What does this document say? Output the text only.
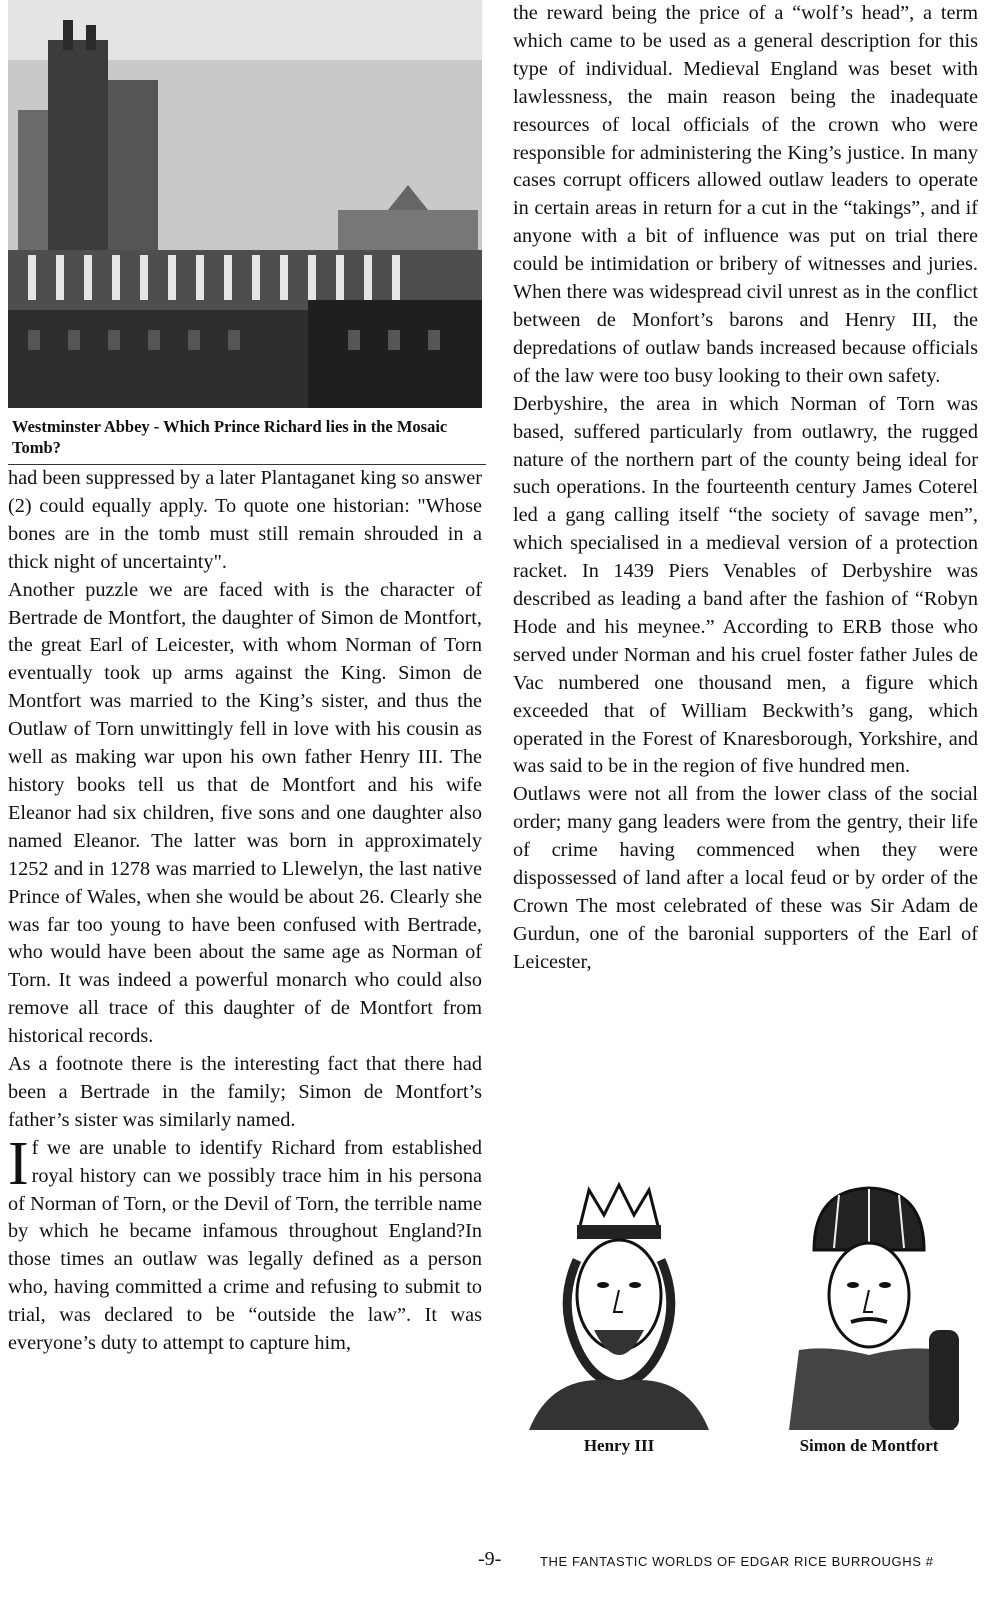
Westminster Abbey - Which Prince Richard lies in the Mosaic Tomb?

had been suppressed by a later Plantaganet king so answer (2) could equally apply. To quote one historian: "Whose bones are in the tomb must still remain shrouded in a thick night of uncertainty".

Another puzzle we are faced with is the character of Bertrade de Montfort, the daughter of Simon de Montfort, the great Earl of Leicester, with whom Norman of Torn eventually took up arms against the King. Simon de Montfort was married to the King’s sister, and thus the Outlaw of Torn unwittingly fell in love with his cousin as well as making war upon his own father Henry III. The history books tell us that de Montfort and his wife Eleanor had six children, five sons and one daughter also named Eleanor. The latter was born in approximately 1252 and in 1278 was married to Llewelyn, the last native Prince of Wales, when she would be about 26. Clearly she was far too young to have been confused with Bertrade, who would have been about the same age as Norman of Torn. It was indeed a powerful monarch who could also remove all trace of this daughter of de Montfort from historical records.

As a footnote there is the interesting fact that there had been a Bertrade in the family; Simon de Montfort’s father’s sister was similarly named.

If we are unable to identify Richard from established royal history can we possibly trace him in his persona of Norman of Torn, or the Devil of Torn, the terrible name by which he became infamous throughout England?In those times an outlaw was legally defined as a person who, having committed a crime and refusing to submit to trial, was declared to be “outside the law”. It was everyone’s duty to attempt to capture him,

the reward being the price of a “wolf’s head”, a term which came to be used as a general description for this type of individual. Medieval England was beset with lawlessness, the main reason being the inadequate resources of local officials of the crown who were responsible for administering the King’s justice. In many cases corrupt officers allowed outlaw leaders to operate in certain areas in return for a cut in the “takings”, and if anyone with a bit of influence was put on trial there could be intimidation or bribery of witnesses and juries. When there was widespread civil unrest as in the conflict between de Monfort’s barons and Henry III, the depredations of outlaw bands increased because officials of the law were too busy looking to their own safety.

Derbyshire, the area in which Norman of Torn was based, suffered particularly from outlawry, the rugged nature of the northern part of the county being ideal for such operations. In the fourteenth century James Coterel led a gang calling itself “the society of savage men”, which specialised in a medieval version of a protection racket. In 1439 Piers Venables of Derbyshire was described as leading a band after the fashion of “Robyn Hode and his meynee.” According to ERB those who served under Norman and his cruel foster father Jules de Vac numbered one thousand men, a figure which exceeded that of William Beckwith’s gang, which operated in the Forest of Knaresborough, Yorkshire, and was said to be in the region of five hundred men.

Outlaws were not all from the lower class of the social order; many gang leaders were from the gentry, their life of crime having commenced when they were dispossessed of land after a local feud or by order of the Crown The most celebrated of these was Sir Adam de Gurdun, one of the baronial supporters of the Earl of Leicester,

Henry III	Simon de Montfort
-9-	THE FANTASTIC WORLDS OF EDGAR RICE BURROUGHS #
